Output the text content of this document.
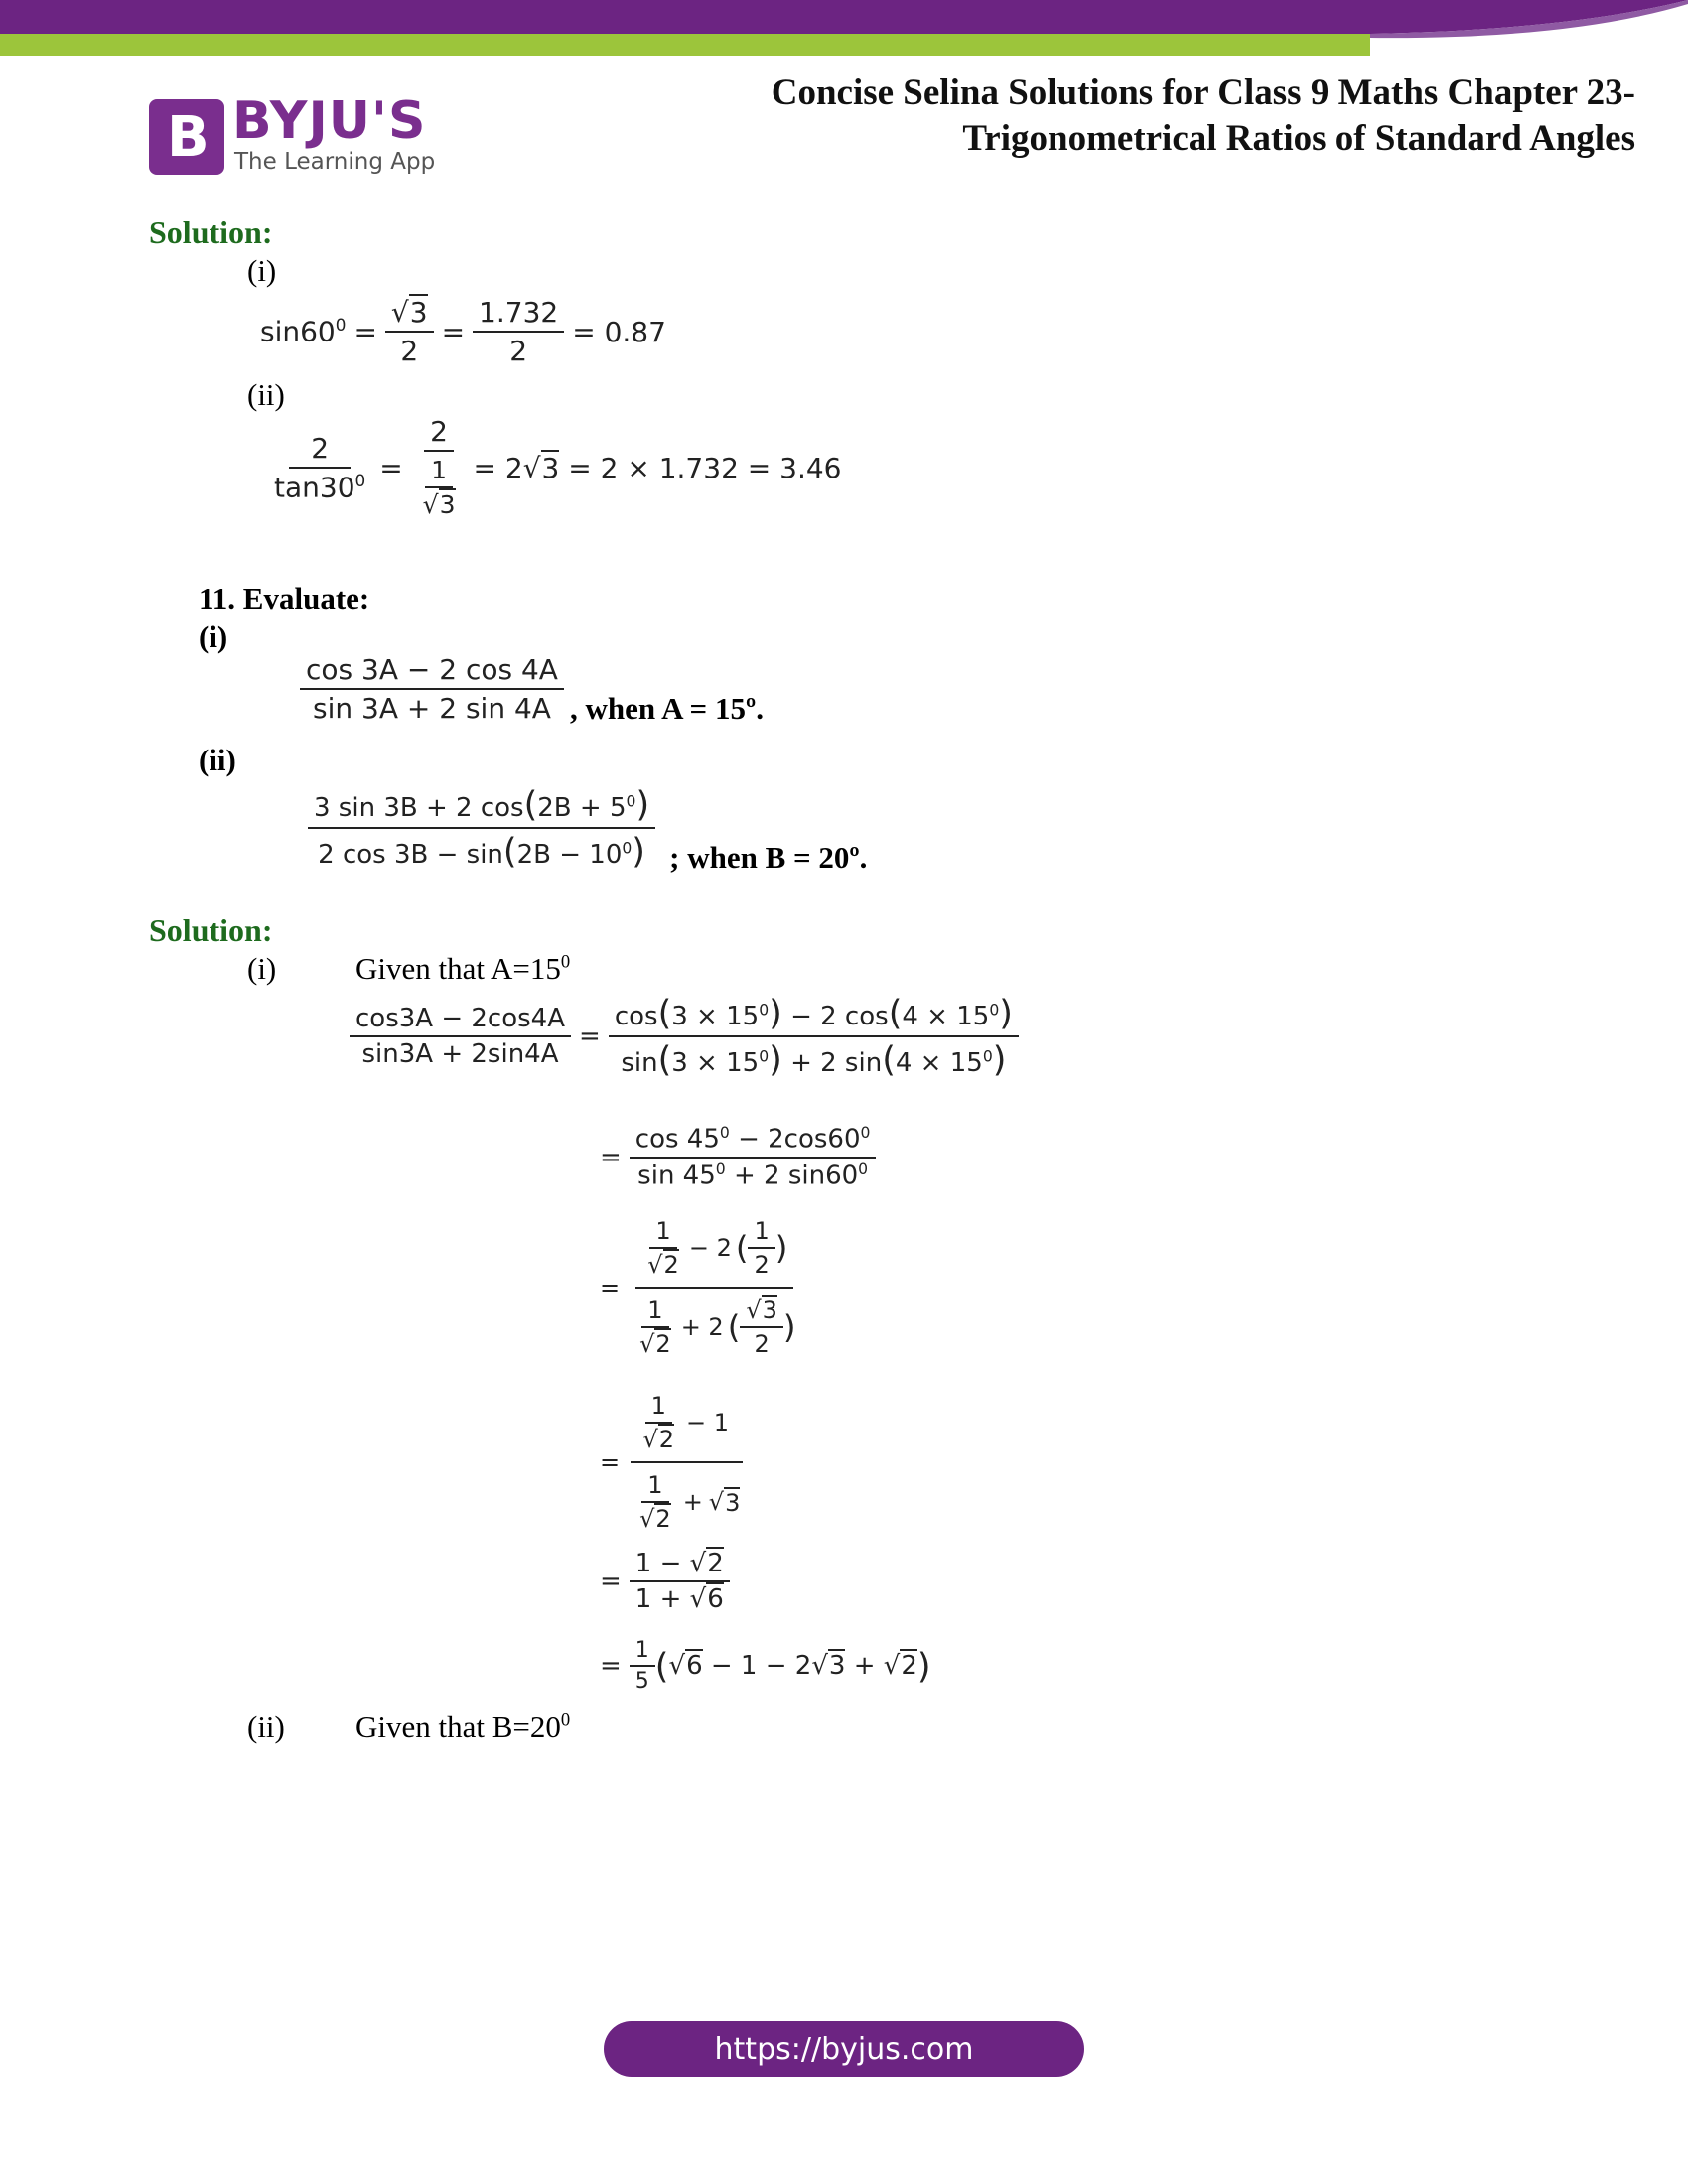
B BYJU'S
The Learning App
Concise Selina Solutions for Class 9 Maths Chapter 23-
Trigonometrical Ratios of Standard Angles
Solution:
(i)
$\sin 60^0 = \frac{√3}{2} = \frac{1.732}{2} = 0.87$
(ii)
$\frac{2}{\tan 30^0} = \frac{2}{\frac{1}{√3}} = 2√3 = 2 \times 1.732 = 3.46$
11. Evaluate:
(i)
$\frac{\cos 3A - 2 \cos 4A}{\sin 3A + 2 \sin 4A}$ , when A = 15º.
(ii)
$\frac{3 \sin 3B + 2 \cos(2B + 5^0)}{2 \cos 3B - \sin(2B - 10^0)}$ ; when B = 20º.
Solution:
(i)	Given that $A=15^0$
$\frac{\cos 3A - 2\cos 4A}{\sin 3A + 2\sin 4A} = \frac{\cos(3 \times 15^0) - 2 \cos(4 \times 15^0)}{\sin(3 \times 15^0) + 2 \sin(4 \times 15^0)}$
= $\frac{\cos 45^0 - 2\cos 60^0}{\sin 45^0 + 2 \sin 60^0}$
= $\frac{\frac{1}{√2} - 2 ( \frac{1}{2} )}{\frac{1}{√2} + 2 ( \frac{√3}{2} )}$
= $\frac{\frac{1}{√2} - 1}{\frac{1}{√2} + √ 3}$
= $\frac{1 - √2}{1 + √6}$
= $\frac{1}{5}$ ( √6 − 1 − 2√3 + √2 )
(ii) Given that $B=20^0$
https://byjus.com
